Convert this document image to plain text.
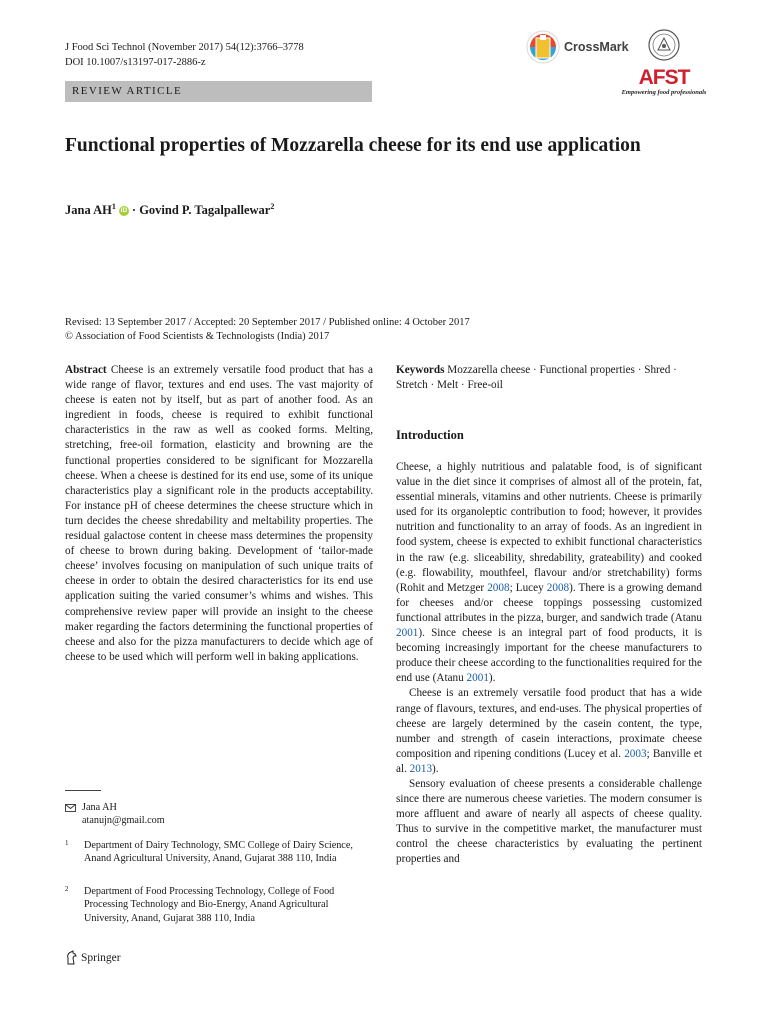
J Food Sci Technol (November 2017) 54(12):3766–3778
DOI 10.1007/s13197-017-2886-z
REVIEW ARTICLE
CrossMark
AFST
Empowering food professionals
Functional properties of Mozzarella cheese for its end use application
Jana $AH^1$ iD · Govind P. Tagalpallewar$^2$
Revised: 13 September 2017 / Accepted: 20 September 2017 / Published online: 4 October 2017
© Association of Food Scientists & Technologists (India) 2017

Abstract Cheese is an extremely versatile food product that has a wide range of flavor, textures and end uses. The vast majority of cheese is eaten not by itself, but as part of another food. As an ingredient in foods, cheese is required to exhibit functional characteristics in the raw as well as cooked forms. Melting, stretching, free-oil formation, elasticity and browning are the functional properties considered to be significant for Mozzarella cheese. When a cheese is destined for its end use, some of its unique characteristics play a significant role in the products acceptability. For instance pH of cheese determines the cheese structure which in turn decides the cheese shredability and meltability properties. The residual galactose content in cheese mass determines the propensity of cheese to brown during baking. Development of ‘tailor-made cheese’ involves focusing on manipulation of such unique traits of cheese in order to obtain the desired characteristics for its end use application suiting the varied consumer’s whims and wishes. This comprehensive review paper will provide an insight to the cheese maker regarding the factors determining the functional properties of cheese and also for the pizza manufacturers to decide which age of cheese to be used which will perform well in baking applications.

Keywords Mozzarella cheese · Functional properties · Shred · Stretch · Melt · Free-oil

Introduction

Cheese, a highly nutritious and palatable food, is of significant value in the diet since it comprises of almost all of the protein, fat, essential minerals, vitamins and other nutrients. Cheese is primarily used for its organoleptic contribution to food; however, it provides nutrition and functionality to an array of foods. As an ingredient in food system, cheese is expected to exhibit functional characteristics in the raw (e.g. sliceability, shredability, grateability) and cooked (e.g. flowability, mouthfeel, flavour and/or stretchability) forms (Rohit and Metzger 2008; Lucey 2008). There is a growing demand for cheeses and/or cheese toppings possessing customized functional attributes in the pizza, burger, and sandwich trade (Atanu 2001). Since cheese is an integral part of food products, it is becoming increasingly important for the cheese manufacturers to produce their cheese according to the functionalities required for the end use (Atanu 2001).

Cheese is an extremely versatile food product that has a wide range of flavours, textures, and end-uses. The physical properties of cheese are largely determined by the casein content, the type, number and strength of casein interactions, proximate cheese composition and ripening conditions (Lucey et al. 2003; Banville et al. 2013).

Sensory evaluation of cheese presents a considerable challenge since there are numerous cheese varieties. The modern consumer is more affluent and aware of nearly all aspects of cheese quality. Thus to survive in the competitive market, the manufacturer must control the cheese characteristics by evaluating the pertinent properties and

Jana AH
atanujn@gmail.com
1 Department of Dairy Technology, SMC College of Dairy Science, Anand Agricultural University, Anand, Gujarat 388 110, India
2 Department of Food Processing Technology, College of Food Processing Technology and Bio-Energy, Anand Agricultural University, Anand, Gujarat 388 110, India
Springer
